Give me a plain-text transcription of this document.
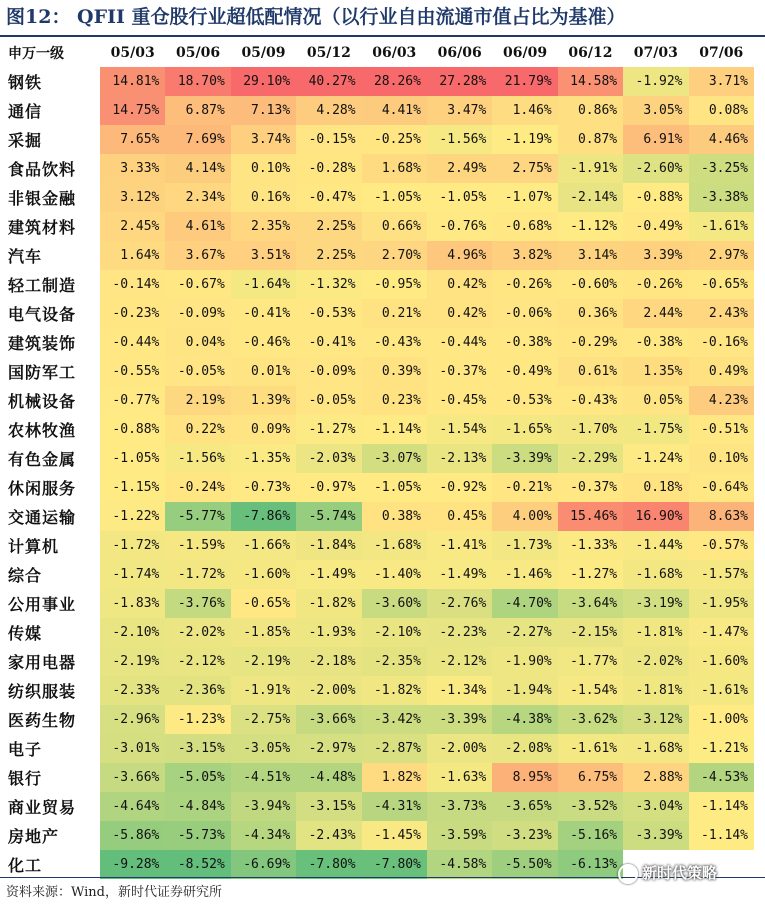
图12： QFII 重仓股行业超低配情况（以行业自由流通市值占比为基准）
申万一级	05/03	05/06	05/09	05/12	06/03	06/06	06/09	06/12	07/03	07/06
钢铁	14.81%	18.70%	29.10%	40.27%	28.26%	27.28%	21.79%	14.58%	-1.92%	3.71%
通信	14.75%	6.87%	7.13%	4.28%	4.41%	3.47%	1.46%	0.86%	3.05%	0.08%
采掘	7.65%	7.69%	3.74%	-0.15%	-0.25%	-1.56%	-1.19%	0.87%	6.91%	4.46%
食品饮料	3.33%	4.14%	0.10%	-0.28%	1.68%	2.49%	2.75%	-1.91%	-2.60%	-3.25%
非银金融	3.12%	2.34%	0.16%	-0.47%	-1.05%	-1.05%	-1.07%	-2.14%	-0.88%	-3.38%
建筑材料	2.45%	4.61%	2.35%	2.25%	0.66%	-0.76%	-0.68%	-1.12%	-0.49%	-1.61%
汽车	1.64%	3.67%	3.51%	2.25%	2.70%	4.96%	3.82%	3.14%	3.39%	2.97%
轻工制造	-0.14%	-0.67%	-1.64%	-1.32%	-0.95%	0.42%	-0.26%	-0.60%	-0.26%	-0.65%
电气设备	-0.23%	-0.09%	-0.41%	-0.53%	0.21%	0.42%	-0.06%	0.36%	2.44%	2.43%
建筑装饰	-0.44%	0.04%	-0.46%	-0.41%	-0.43%	-0.44%	-0.38%	-0.29%	-0.38%	-0.16%
国防军工	-0.55%	-0.05%	0.01%	-0.09%	0.39%	-0.37%	-0.49%	0.61%	1.35%	0.49%
机械设备	-0.77%	2.19%	1.39%	-0.05%	0.23%	-0.45%	-0.53%	-0.43%	0.05%	4.23%
农林牧渔	-0.88%	0.22%	0.09%	-1.27%	-1.14%	-1.54%	-1.65%	-1.70%	-1.75%	-0.51%
有色金属	-1.05%	-1.56%	-1.35%	-2.03%	-3.07%	-2.13%	-3.39%	-2.29%	-1.24%	0.10%
休闲服务	-1.15%	-0.24%	-0.73%	-0.97%	-1.05%	-0.92%	-0.21%	-0.37%	0.18%	-0.64%
交通运输	-1.22%	-5.77%	-7.86%	-5.74%	0.38%	0.45%	4.00%	15.46%	16.90%	8.63%
计算机	-1.72%	-1.59%	-1.66%	-1.84%	-1.68%	-1.41%	-1.73%	-1.33%	-1.44%	-0.57%
综合	-1.74%	-1.72%	-1.60%	-1.49%	-1.40%	-1.49%	-1.46%	-1.27%	-1.68%	-1.57%
公用事业	-1.83%	-3.76%	-0.65%	-1.82%	-3.60%	-2.76%	-4.70%	-3.64%	-3.19%	-1.95%
传媒	-2.10%	-2.02%	-1.85%	-1.93%	-2.10%	-2.23%	-2.27%	-2.15%	-1.81%	-1.47%
家用电器	-2.19%	-2.12%	-2.19%	-2.18%	-2.35%	-2.12%	-1.90%	-1.77%	-2.02%	-1.60%
纺织服装	-2.33%	-2.36%	-1.91%	-2.00%	-1.82%	-1.34%	-1.94%	-1.54%	-1.81%	-1.61%
医药生物	-2.96%	-1.23%	-2.75%	-3.66%	-3.42%	-3.39%	-4.38%	-3.62%	-3.12%	-1.00%
电子	-3.01%	-3.15%	-3.05%	-2.97%	-2.87%	-2.00%	-2.08%	-1.61%	-1.68%	-1.21%
银行	-3.66%	-5.05%	-4.51%	-4.48%	1.82%	-1.63%	8.95%	6.75%	2.88%	-4.53%
商业贸易	-4.64%	-4.84%	-3.94%	-3.15%	-4.31%	-3.73%	-3.65%	-3.52%	-3.04%	-1.14%
房地产	-5.86%	-5.73%	-4.34%	-2.43%	-1.45%	-3.59%	-3.23%	-5.16%	-3.39%	-1.14%
化工	-9.28%	-8.52%	-6.69%	-7.80%	-7.80%	-4.58%	-5.50%	-6.13%		
资料来源：Wind，新时代证券研究所
新时代策略
